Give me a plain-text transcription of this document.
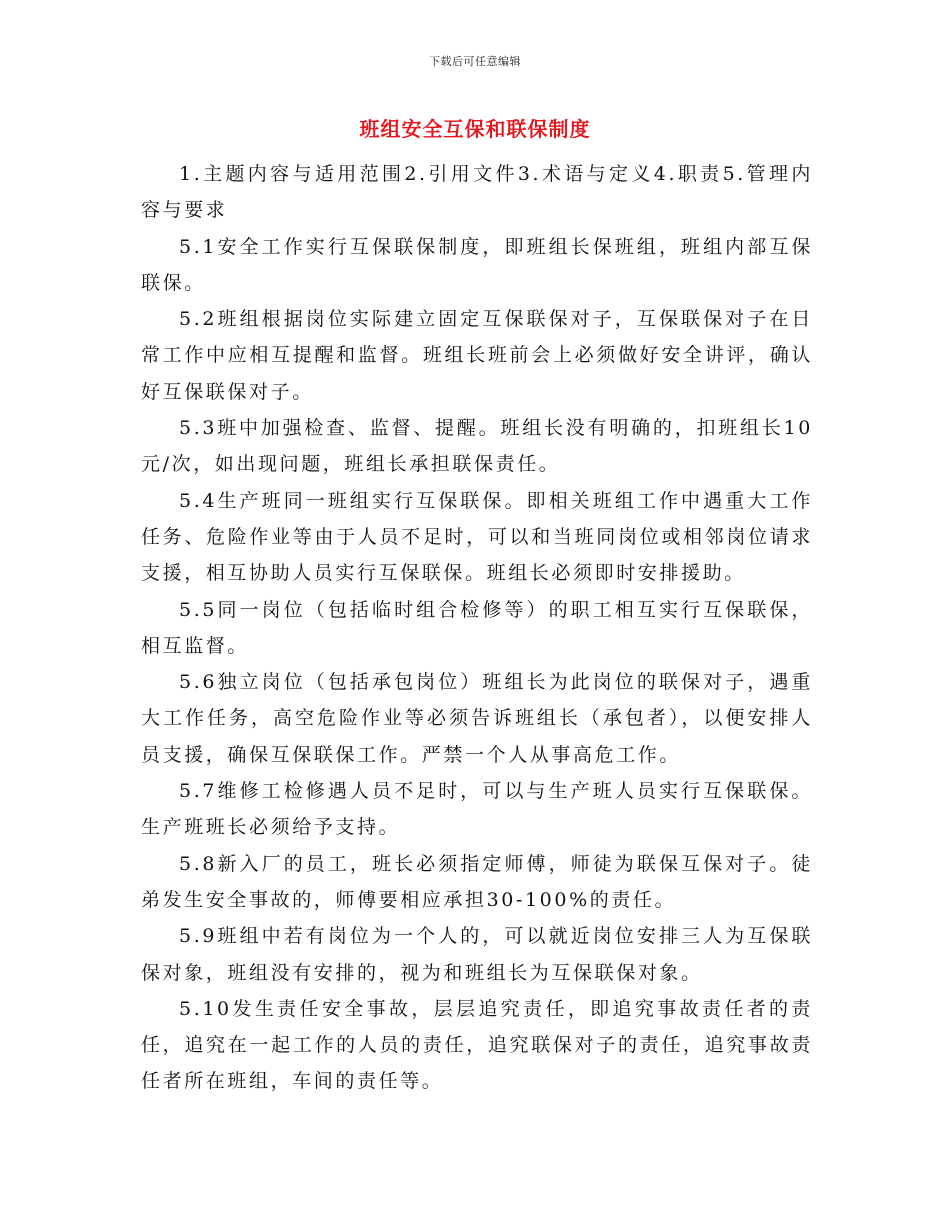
下载后可任意编辑
班组安全互保和联保制度

1.主题内容与适用范围2.引用文件3.术语与定义4.职责5.管理内容与要求

5.1安全工作实行互保联保制度，即班组长保班组，班组内部互保联保。

5.2班组根据岗位实际建立固定互保联保对子，互保联保对子在日常工作中应相互提醒和监督。班组长班前会上必须做好安全讲评，确认好互保联保对子。

5.3班中加强检查、监督、提醒。班组长没有明确的，扣班组长10元/次，如出现问题，班组长承担联保责任。

5.4生产班同一班组实行互保联保。即相关班组工作中遇重大工作任务、危险作业等由于人员不足时，可以和当班同岗位或相邻岗位请求支援，相互协助人员实行互保联保。班组长必须即时安排援助。

5.5同一岗位（包括临时组合检修等）的职工相互实行互保联保，相互监督。

5.6独立岗位（包括承包岗位）班组长为此岗位的联保对子，遇重大工作任务，高空危险作业等必须告诉班组长（承包者），以便安排人员支援，确保互保联保工作。严禁一个人从事高危工作。

5.7维修工检修遇人员不足时，可以与生产班人员实行互保联保。生产班班长必须给予支持。

5.8新入厂的员工，班长必须指定师傅，师徒为联保互保对子。徒弟发生安全事故的，师傅要相应承担30-100%的责任。

5.9班组中若有岗位为一个人的，可以就近岗位安排三人为互保联保对象，班组没有安排的，视为和班组长为互保联保对象。

5.10发生责任安全事故，层层追究责任，即追究事故责任者的责任，追究在一起工作的人员的责任，追究联保对子的责任，追究事故责任者所在班组，车间的责任等。
